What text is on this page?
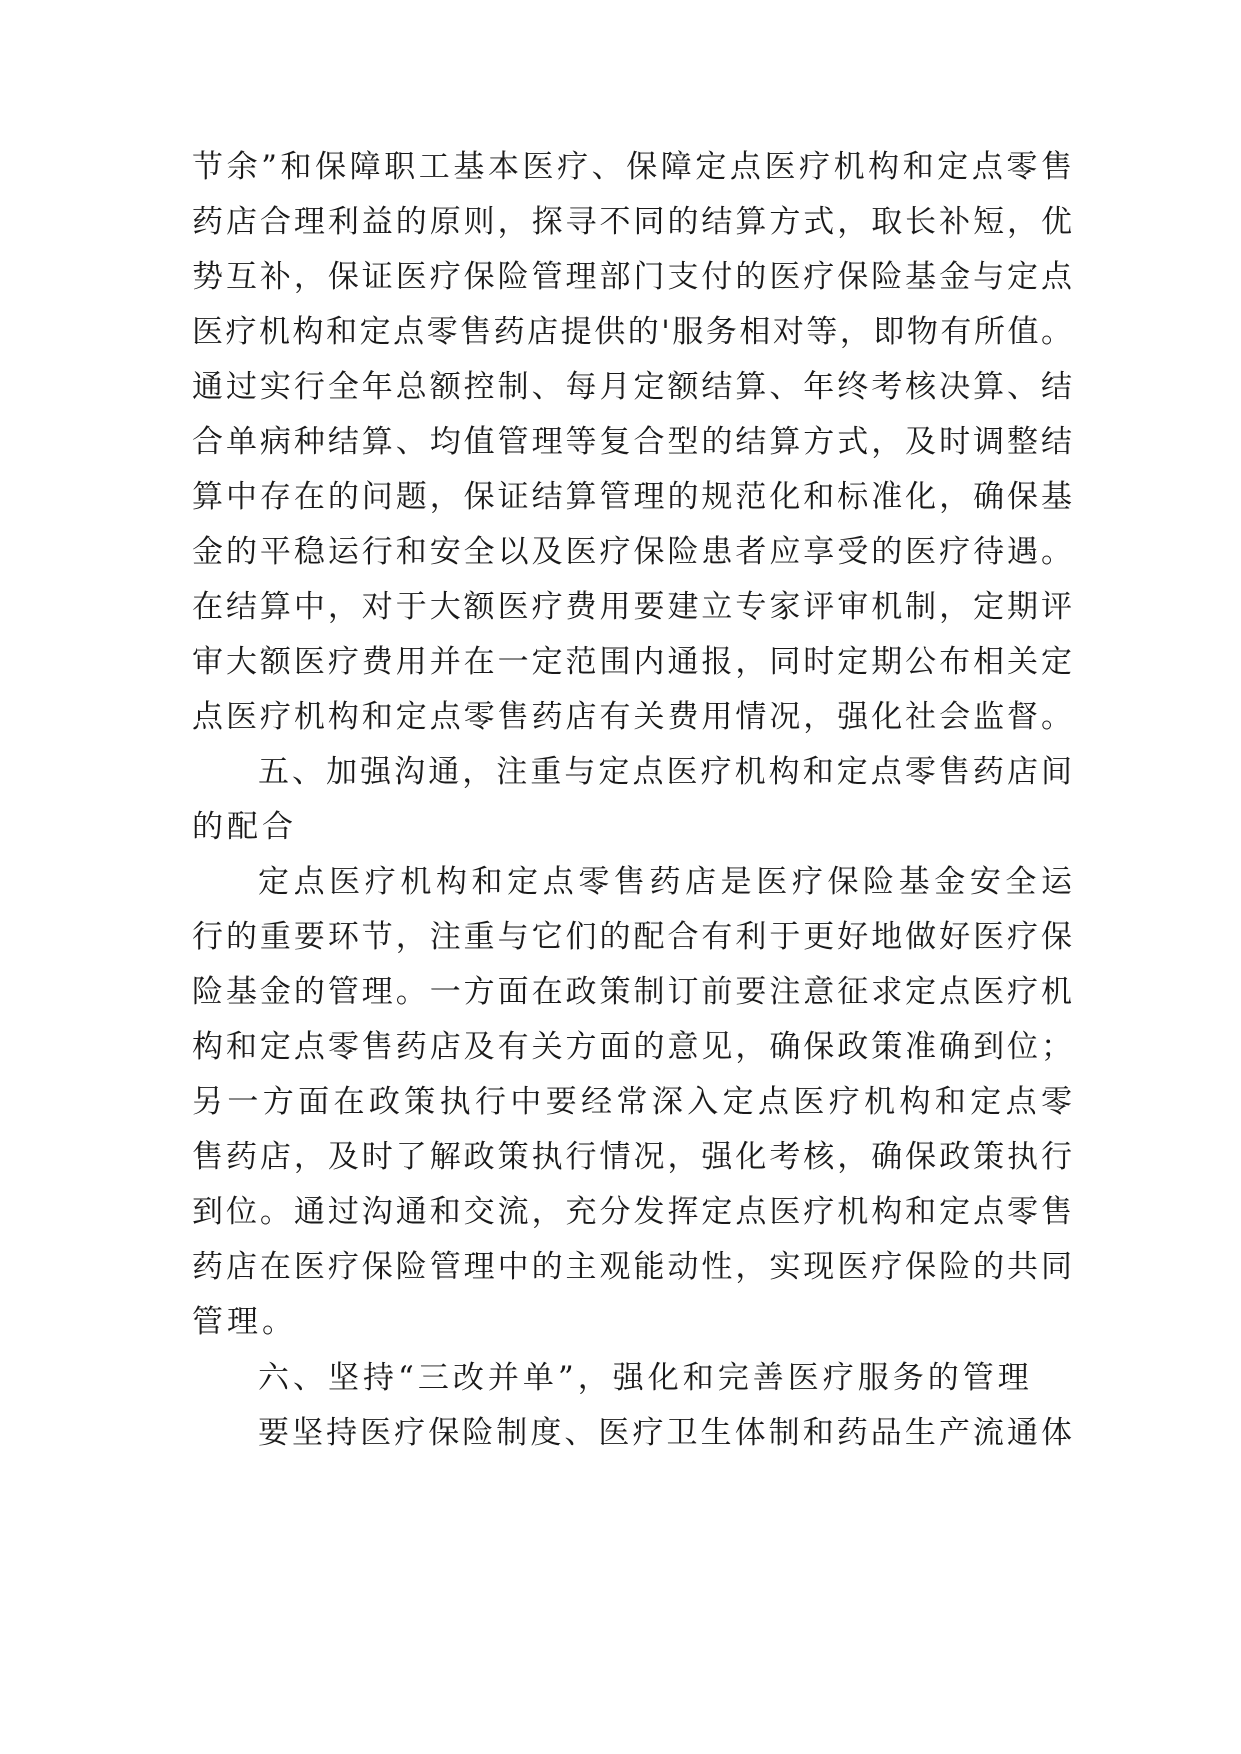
节余”和保障职工基本医疗、保障定点医疗机构和定点零售
药店合理利益的原则，探寻不同的结算方式，取长补短，优
势互补，保证医疗保险管理部门支付的医疗保险基金与定点
医疗机构和定点零售药店提供的'服务相对等，即物有所值。
通过实行全年总额控制、每月定额结算、年终考核决算、结
合单病种结算、均值管理等复合型的结算方式，及时调整结
算中存在的问题，保证结算管理的规范化和标准化，确保基
金的平稳运行和安全以及医疗保险患者应享受的医疗待遇。
在结算中，对于大额医疗费用要建立专家评审机制，定期评
审大额医疗费用并在一定范围内通报，同时定期公布相关定
点医疗机构和定点零售药店有关费用情况，强化社会监督。
五、加强沟通，注重与定点医疗机构和定点零售药店间
的配合
定点医疗机构和定点零售药店是医疗保险基金安全运
行的重要环节，注重与它们的配合有利于更好地做好医疗保
险基金的管理。一方面在政策制订前要注意征求定点医疗机
构和定点零售药店及有关方面的意见，确保政策准确到位；
另一方面在政策执行中要经常深入定点医疗机构和定点零
售药店，及时了解政策执行情况，强化考核，确保政策执行
到位。通过沟通和交流，充分发挥定点医疗机构和定点零售
药店在医疗保险管理中的主观能动性，实现医疗保险的共同
管理。
六、坚持“三改并单”，强化和完善医疗服务的管理
要坚持医疗保险制度、医疗卫生体制和药品生产流通体
